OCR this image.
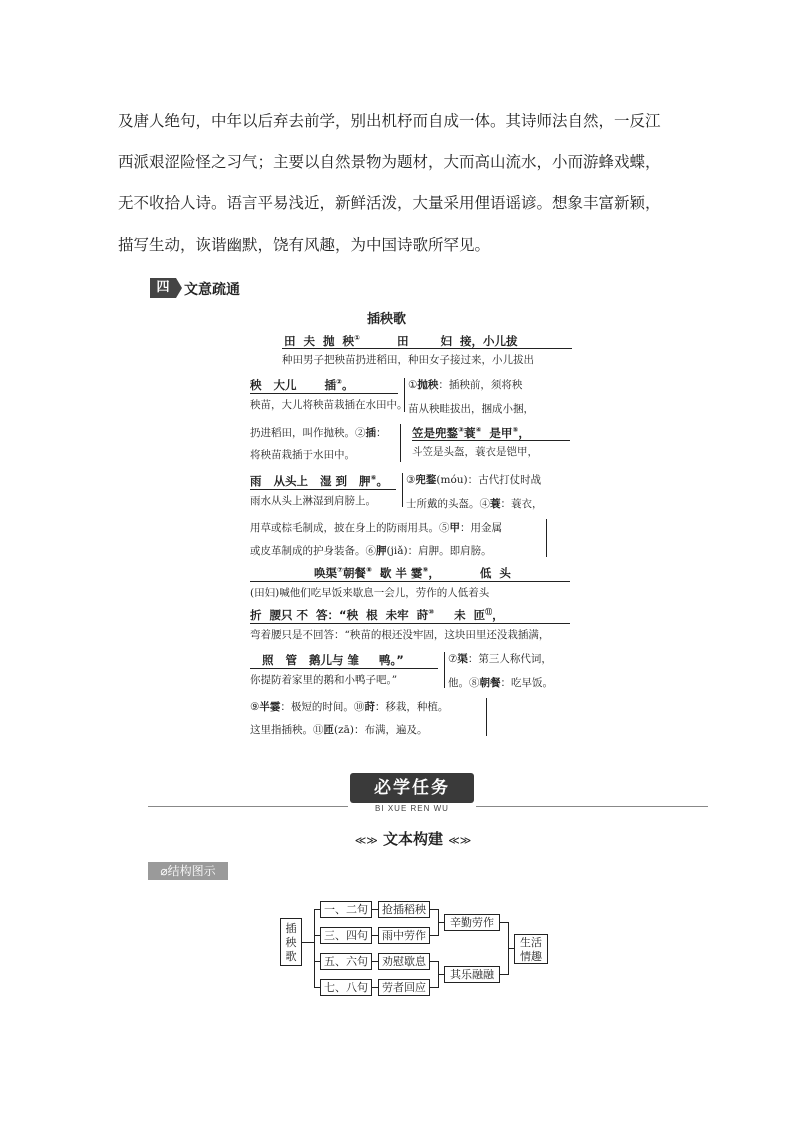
及唐人绝句，中年以后弃去前学，别出机杼而自成一体。其诗师法自然，一反江
西派艰涩险怪之习气；主要以自然景物为题材，大而高山流水，小而游蜂戏蝶，
无不收拾人诗。语言平易浅近，新鲜活泼，大量采用俚语谣谚。想象丰富新颖，
描写生动，诙谐幽默，饶有风趣，为中国诗歌所罕见。
四	文意疏通
插秧歌
田  夫  抛  秧①	田        妇  接，小儿拔
种田男子把秧苗扔进稻田，种田女子接过来，小儿拔出
秧   大儿       插②。
秧苗，大儿将秧苗栽插在水田中。
①抛秧：插秧前，须将秧
苗从秧畦拔出，捆成小捆，
扔进稻田，叫作抛秧。②插：
将秧苗栽插于水田中。
笠是兜鍪③蓑④  是甲⑤，
斗笠是头盔，蓑衣是铠甲，
雨   从头上   湿 到   胛⑥。
雨水从头上淋湿到肩膀上。
③兜鍪(móu)：古代打仗时战
士所戴的头盔。④蓑：蓑衣，
用草或棕毛制成，披在身上的防雨用具。⑤甲：用金属
或皮革制成的护身装备。⑥胛(jiǎ)：肩胛。即肩膀。
唤渠⑦朝餐⑧  歇 半 霎⑨，          低  头
(田妇)喊他们吃早饭来歇息一会儿，劳作的人低着头
折  腰只 不  答：“秧  根  未牢  莳⑩     未  匝⑪，
弯着腰只是不回答：“秧苗的根还没牢固，这块田里还没栽插满，
照   管   鹅儿与 雏     鸭。”
你提防着家里的鹅和小鸭子吧。”
⑦渠：第三人称代词，
他。⑧朝餐：吃早饭。
⑨半霎：极短的时间。⑩莳：移栽，种植。
这里指插秧。⑪匝(zā)：布满，遍及。
必学任务
BI XUE REN WU
≪≫ 文本构建 ≪≫
⌀结构图示
插秧歌
一、二句
三、四句
五、六句
七、八句
抢插稻秧
雨中劳作
劝慰歇息
劳者回应
辛勤劳作
其乐融融
生活情趣
